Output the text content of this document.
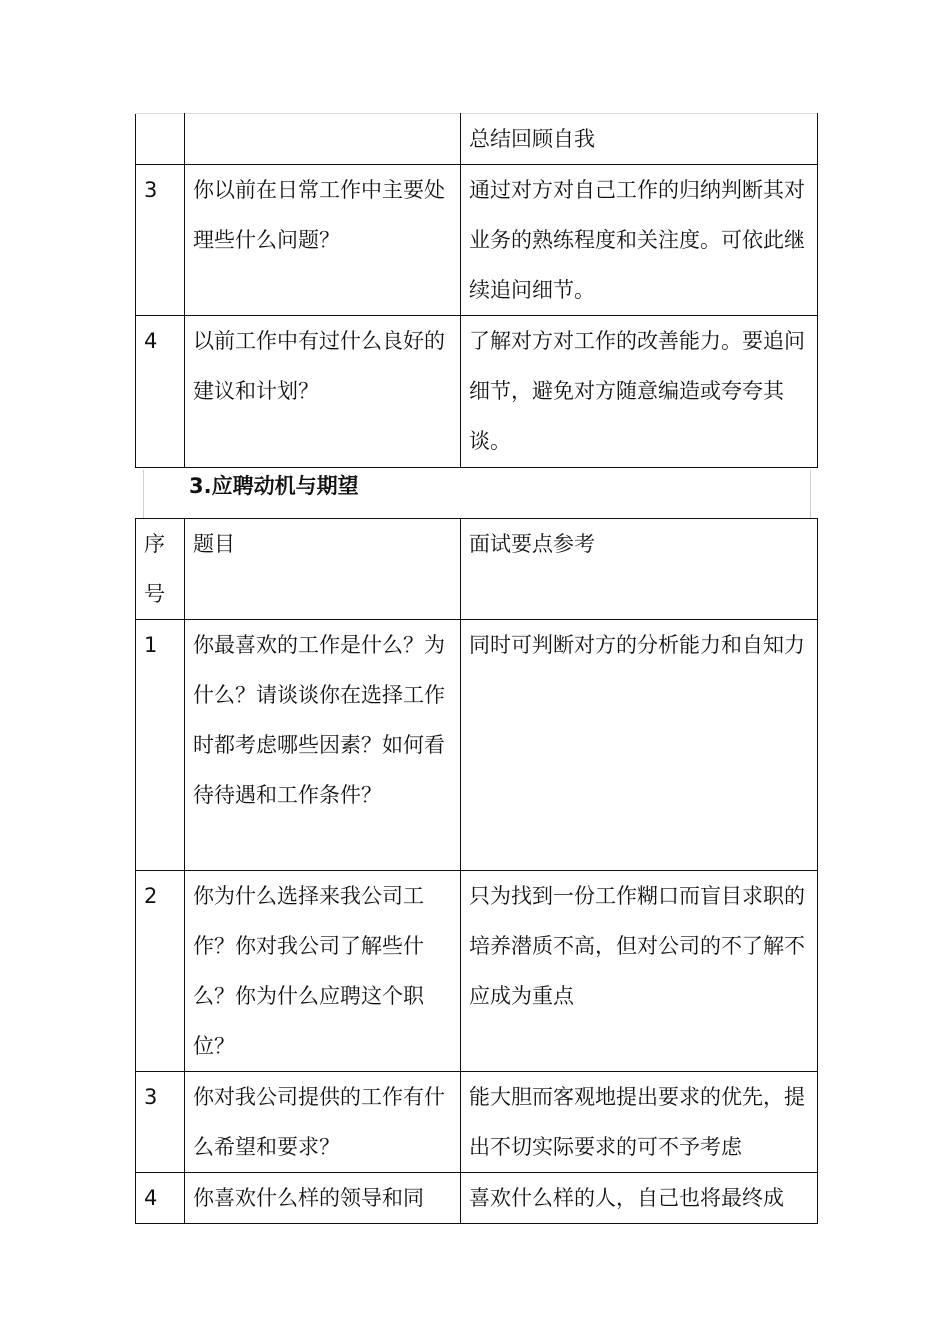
		总结回顾自我
3	你以前在日常工作中主要处理些什么问题？	通过对方对自己工作的归纳判断其对业务的熟练程度和关注度。可依此继续追问细节。
4	以前工作中有过什么良好的建议和计划？	了解对方对工作的改善能力。要追问细节，避免对方随意编造或夸夸其谈。
3.应聘动机与期望
序号	题目	面试要点参考
1	你最喜欢的工作是什么？为什么？请谈谈你在选择工作时都考虑哪些因素？如何看待待遇和工作条件？	同时可判断对方的分析能力和自知力
2	你为什么选择来我公司工作？你对我公司了解些什么？你为什么应聘这个职位？	只为找到一份工作糊口而盲目求职的培养潜质不高，但对公司的不了解不应成为重点
3	你对我公司提供的工作有什么希望和要求？	能大胆而客观地提出要求的优先，提出不切实际要求的可不予考虑
4	你喜欢什么样的领导和同	喜欢什么样的人，自己也将最终成
